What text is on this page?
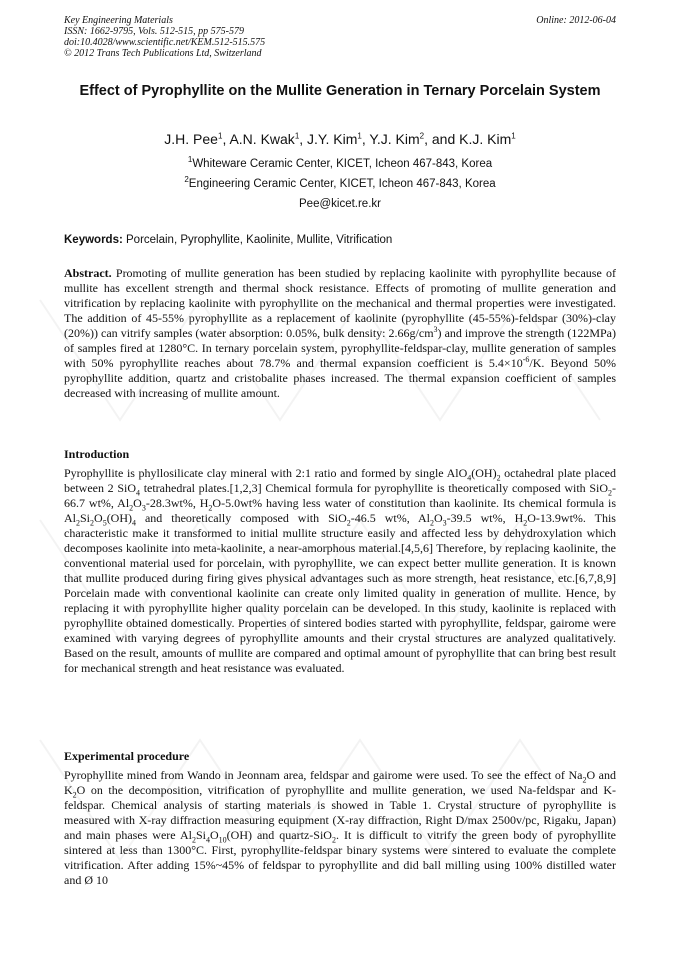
Key Engineering Materials
ISSN: 1662-9795, Vols. 512-515, pp 575-579
doi:10.4028/www.scientific.net/KEM.512-515.575
© 2012 Trans Tech Publications Ltd, Switzerland
Online: 2012-06-04
Effect of Pyrophyllite on the Mullite Generation in Ternary Porcelain System
J.H. Pee$^1$, A.N. Kwak$^1$, J.Y. Kim$^1$, Y.J. Kim$^2$, and K.J. Kim$^1$
$^1$Whiteware Ceramic Center, KICET, Icheon 467-843, Korea
$^2$Engineering Ceramic Center, KICET, Icheon 467-843, Korea
Pee@kicet.re.kr
Keywords: Porcelain, Pyrophyllite, Kaolinite, Mullite, Vitrification
Abstract. Promoting of mullite generation has been studied by replacing kaolinite with pyrophyllite because of mullite has excellent strength and thermal shock resistance. Effects of promoting of mullite generation and vitrification by replacing kaolinite with pyrophyllite on the mechanical and thermal properties were investigated. The addition of 45-55% pyrophyllite as a replacement of kaolinite (pyrophyllite (45-55%)-feldspar (30%)-clay (20%)) can vitrify samples (water absorption: 0.05%, bulk density: $2.66g/cm^3$) and improve the strength (122MPa) of samples fired at 1280°C. In ternary porcelain system, pyrophyllite-feldspar-clay, mullite generation of samples with 50% pyrophyllite reaches about 78.7% and thermal expansion coefficient is $5.4\times 10^{-6}/K$. Beyond 50% pyrophyllite addition, quartz and cristobalite phases increased. The thermal expansion coefficient of samples decreased with increasing of mullite amount.
Introduction
Pyrophyllite is phyllosilicate clay mineral with 2:1 ratio and formed by single $AlO_4(OH)_2$ octahedral plate placed between 2 SiO$_4$ tetrahedral plates.[1,2,3] Chemical formula for pyrophyllite is theoretically composed with SiO$_2$-66.7 wt%, $Al_2O_3-28.3wt\%$, $H_2O-5.0wt\%$ having less water of constitution than kaolinite. Its chemical formula is $Al_2Si_2O_5(OH)_4$ and theoretically composed with SiO$_2$-46.5 wt%, $Al_2O_3-39.5$ wt%, $H_2O-13.9wt\%$. This characteristic make it transformed to initial mullite structure easily and affected less by dehydroxylation which decomposes kaolinite into meta-kaolinite, a near-amorphous material.[4,5,6] Therefore, by replacing kaolinite, the conventional material used for porcelain, with pyrophyllite, we can expect better mullite generation. It is known that mullite produced during firing gives physical advantages such as more strength, heat resistance, etc.[6,7,8,9] Porcelain made with conventional kaolinite can create only limited quality in generation of mullite. Hence, by replacing it with pyrophyllite higher quality porcelain can be developed. In this study, kaolinite is replaced with pyrophyllite obtained domestically. Properties of sintered bodies started with pyrophyllite, feldspar, gairome were examined with varying degrees of pyrophyllite amounts and their crystal structures are analyzed qualitatively. Based on the result, amounts of mullite are compared and optimal amount of pyrophyllite that can bring best result for mechanical strength and heat resistance was evaluated.
Experimental procedure
Pyrophyllite mined from Wando in Jeonnam area, feldspar and gairome were used. To see the effect of $Na_2O$ and $K_2O$ on the decomposition, vitrification of pyrophyllite and mullite generation, we used Na-feldspar and K-feldspar. Chemical analysis of starting materials is showed in Table 1. Crystal structure of pyrophyllite is measured with X-ray diffraction measuring equipment (X-ray diffraction, Right D/max 2500v/pc, Rigaku, Japan) and main phases were $Al_2Si_4O_{10}(OH)$ and quartz-SiO$_2$. It is difficult to vitrify the green body of pyrophyllite sintered at less than 1300°C. First, pyrophyllite-feldspar binary systems were sintered to evaluate the complete vitrification. After adding 15%~45% of feldspar to pyrophyllite and did ball milling using 100% distilled water and Ø 10
